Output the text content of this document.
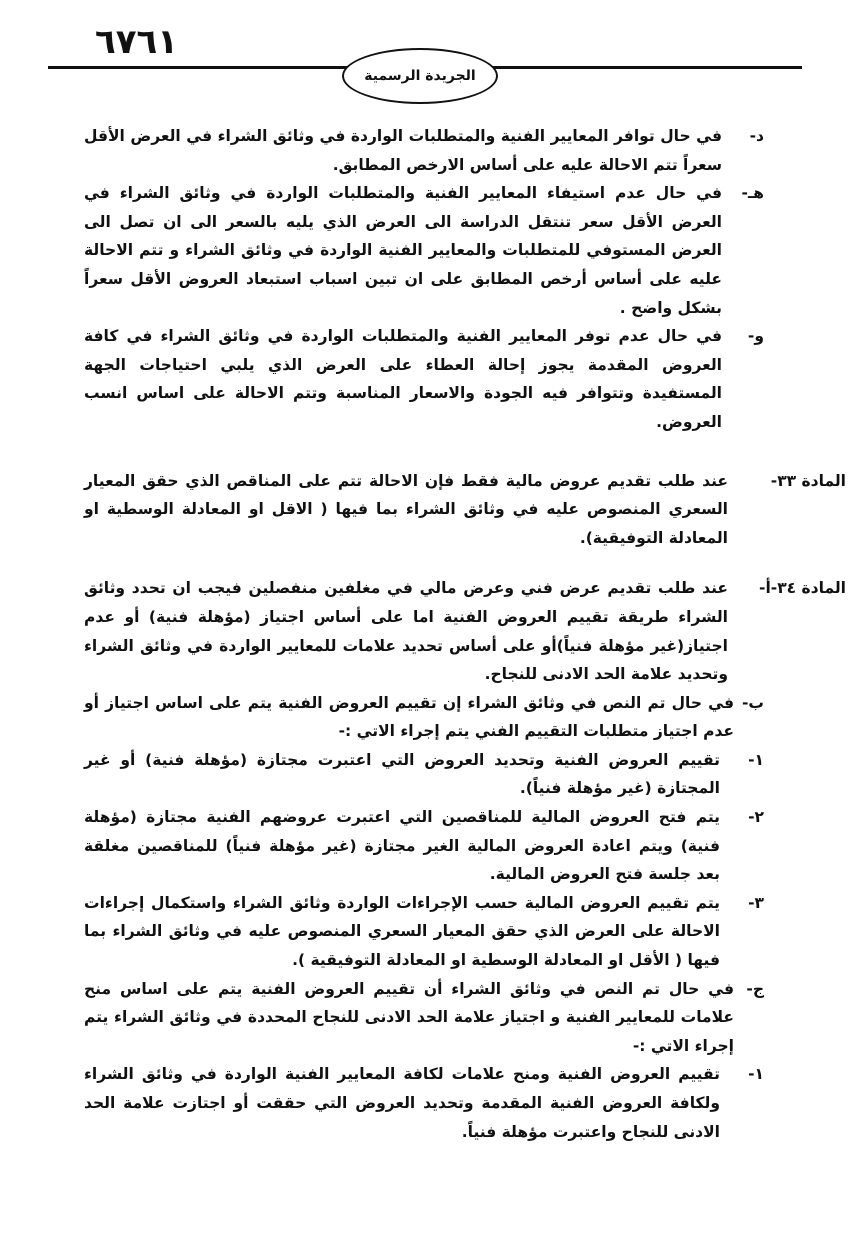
٦٧٦١
الجريدة الرسمية
د-
في حال توافر المعايير الفنية والمتطلبات الواردة في وثائق الشراء في العرض الأقل سعراً تتم الاحالة عليه على أساس الارخص المطابق.
هـ-
في حال عدم استيفاء المعايير الفنية والمتطلبات الواردة في وثائق الشراء في العرض الأقل سعر تنتقل الدراسة الى العرض الذي يليه بالسعر الى ان تصل الى العرض المستوفي للمتطلبات والمعايير الفنية الواردة في وثائق الشراء و تتم الاحالة عليه على أساس أرخص المطابق على ان تبين اسباب استبعاد العروض الأقل سعراً بشكل واضح .
و-
في حال عدم توفر المعايير الفنية والمتطلبات الواردة في وثائق الشراء في كافة العروض المقدمة يجوز إحالة العطاء على العرض الذي يلبي احتياجات الجهة المستفيدة وتتوافر فيه الجودة والاسعار المناسبة وتتم الاحالة على اساس انسب العروض.
المادة ٣٣-
عند طلب تقديم عروض مالية فقط فإن الاحالة تتم على المناقص الذي حقق المعيار السعري المنصوص عليه في وثائق الشراء بما فيها ( الاقل او المعادلة الوسطية او المعادلة التوفيقية).
المادة ٣٤-أ-
عند طلب تقديم عرض فني وعرض مالي في مغلفين منفصلين فيجب ان تحدد وثائق الشراء طريقة تقييم العروض الفنية اما على أساس اجتياز (مؤهلة فنية) أو عدم اجتياز(غير مؤهلة فنياً)أو على أساس تحديد علامات للمعايير الواردة في وثائق الشراء وتحديد علامة الحد الادنى للنجاح.
ب-
في حال تم النص في وثائق الشراء إن تقييم العروض الفنية يتم على اساس اجتياز أو عدم اجتياز متطلبات التقييم الفني يتم إجراء الاتي :-
١-
تقييم العروض الفنية وتحديد العروض التي اعتبرت مجتازة (مؤهلة فنية) أو غير المجتازة (غير مؤهلة فنياً).
٢-
يتم فتح العروض المالية للمناقصين التي اعتبرت عروضهم الفنية مجتازة (مؤهلة فنية) ويتم اعادة العروض المالية الغير مجتازة (غير مؤهلة فنياً) للمناقصين مغلقة بعد جلسة فتح العروض المالية.
٣-
يتم تقييم العروض المالية حسب الإجراءات الواردة وثائق الشراء واستكمال إجراءات الاحالة على العرض الذي حقق المعيار السعري المنصوص عليه في وثائق الشراء بما فيها ( الأقل او المعادلة الوسطية او المعادلة التوفيقية ).
ج-
في حال تم النص في وثائق الشراء أن تقييم العروض الفنية يتم على اساس منح علامات للمعايير الفنية و اجتياز علامة الحد الادنى للنجاح المحددة في وثائق الشراء يتم إجراء الاتي :-
١-
تقييم العروض الفنية ومنح علامات لكافة المعايير الفنية الواردة في وثائق الشراء ولكافة العروض الفنية المقدمة وتحديد العروض التي حققت أو اجتازت علامة الحد الادنى للنجاح واعتبرت مؤهلة فنياً.
